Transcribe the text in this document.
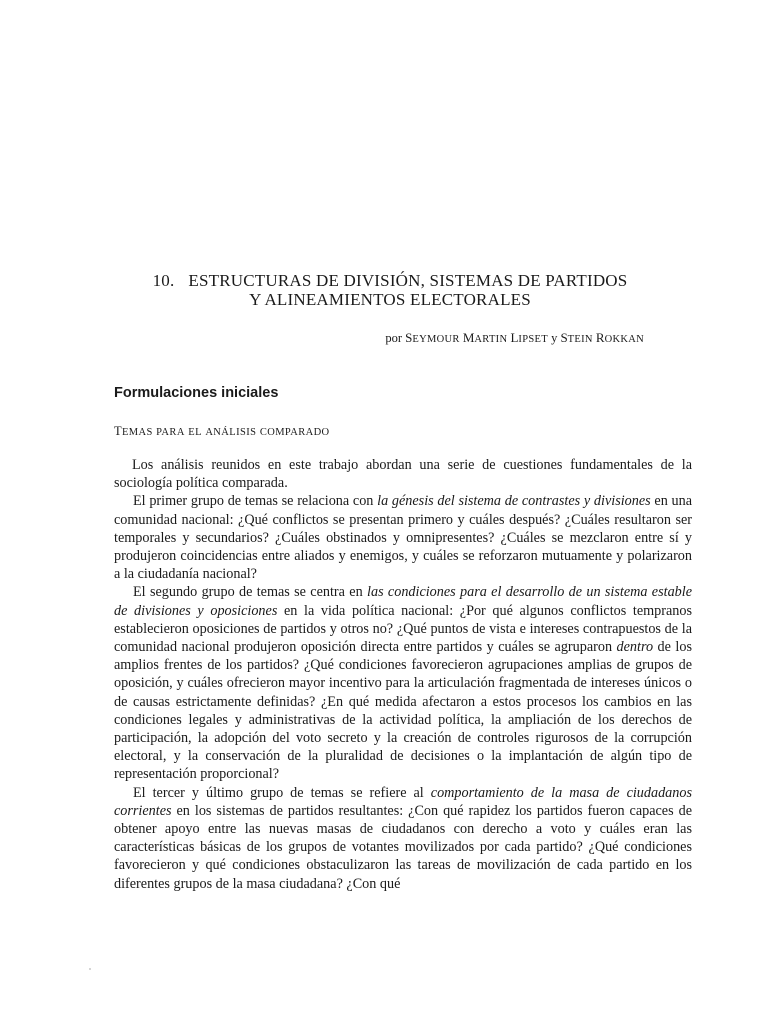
10. ESTRUCTURAS DE DIVISIÓN, SISTEMAS DE PARTIDOS
Y ALINEAMIENTOS ELECTORALES
por SEYMOUR MARTIN LIPSET y STEIN ROKKAN
Formulaciones iniciales
TEMAS PARA EL ANÁLISIS COMPARADO

Los análisis reunidos en este trabajo abordan una serie de cuestiones fundamentales de la sociología política comparada.

El primer grupo de temas se relaciona con la génesis del sistema de contrastes y divisiones en una comunidad nacional: ¿Qué conflictos se presentan primero y cuáles después? ¿Cuáles resultaron ser temporales y secundarios? ¿Cuáles obstinados y omnipresentes? ¿Cuáles se mezclaron entre sí y produjeron coincidencias entre aliados y enemigos, y cuáles se reforzaron mutuamente y polarizaron a la ciudadanía nacional?

El segundo grupo de temas se centra en las condiciones para el desarrollo de un sistema estable de divisiones y oposiciones en la vida política nacional: ¿Por qué algunos conflictos tempranos establecieron oposiciones de partidos y otros no? ¿Qué puntos de vista e intereses contrapuestos de la comunidad nacional produjeron oposición directa entre partidos y cuáles se agruparon dentro de los amplios frentes de los partidos? ¿Qué condiciones favorecieron agrupaciones amplias de grupos de oposición, y cuáles ofrecieron mayor incentivo para la articulación fragmentada de intereses únicos o de causas estrictamente definidas? ¿En qué medida afectaron a estos procesos los cambios en las condiciones legales y administrativas de la actividad política, la ampliación de los derechos de participación, la adopción del voto secreto y la creación de controles rigurosos de la corrupción electoral, y la conservación de la pluralidad de decisiones o la implantación de algún tipo de representación proporcional?

El tercer y último grupo de temas se refiere al comportamiento de la masa de ciudadanos corrientes en los sistemas de partidos resultantes: ¿Con qué rapidez los partidos fueron capaces de obtener apoyo entre las nuevas masas de ciudadanos con derecho a voto y cuáles eran las características básicas de los grupos de votantes movilizados por cada partido? ¿Qué condiciones favorecieron y qué condiciones obstaculizaron las tareas de movilización de cada partido en los diferentes grupos de la masa ciudadana? ¿Con qué
